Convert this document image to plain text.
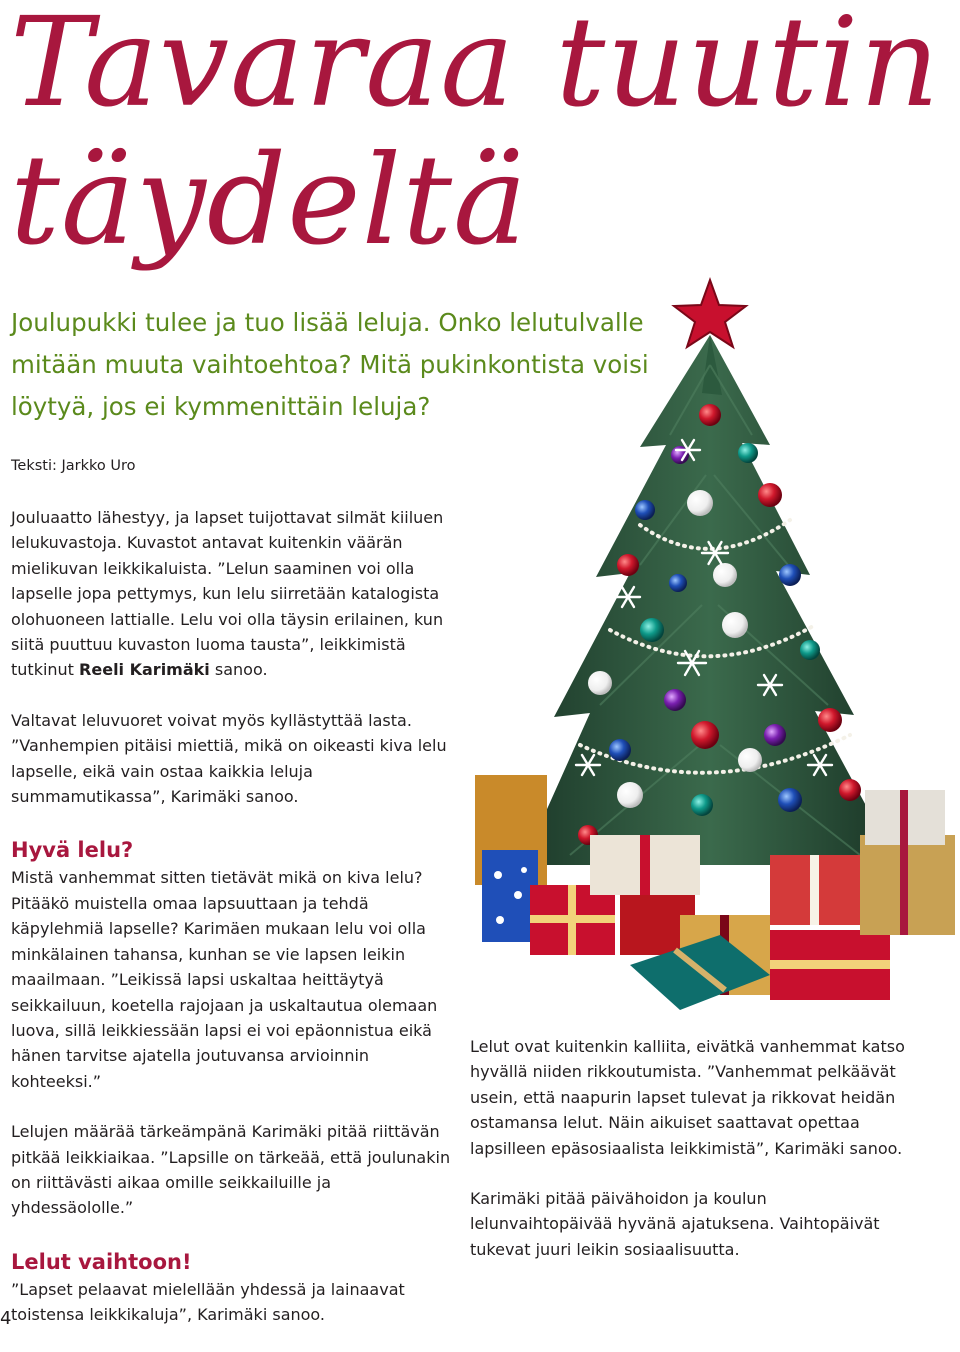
Tavaraa tuutin
täydeltä

Joulupukki tulee ja tuo lisää leluja. Onko lelutulvalle mitään muuta vaihtoehtoa? Mitä pukinkontista voisi löytyä, jos ei kymmenittäin leluja?

Teksti: Jarkko Uro

Jouluaatto lähestyy, ja lapset tuijottavat silmät kiiluen lelukuvastoja. Kuvastot antavat kuitenkin väärän mielikuvan leikkikaluista. ”Lelun saaminen voi olla lapselle jopa pettymys, kun lelu siirretään katalogista olohuoneen lattialle. Lelu voi olla täysin erilainen, kun siitä puuttuu kuvaston luoma tausta”, leikkimistä tutkinut Reeli Karimäki sanoo.

Valtavat leluvuoret voivat myös kyllästyttää lasta. ”Vanhempien pitäisi miettiä, mikä on oikeasti kiva lelu lapselle, eikä vain ostaa kaikkia leluja summamutikassa”, Karimäki sanoo.

Hyvä lelu?

Mistä vanhemmat sitten tietävät mikä on kiva lelu? Pitääkö muistella omaa lapsuuttaan ja tehdä käpylehmiä lapselle? Karimäen mukaan lelu voi olla minkälainen tahansa, kunhan se vie lapsen leikin maailmaan. ”Leikissä lapsi uskaltaa heittäytyä seikkailuun, koetella rajojaan ja uskaltautua olemaan luova, sillä leikkiessään lapsi ei voi epäonnistua eikä hänen tarvitse ajatella joutuvansa arvioinnin kohteeksi.”

Lelujen määrää tärkeämpänä Karimäki pitää riittävän pitkää leikkiaikaa. ”Lapsille on tärkeää, että joulunakin on riittävästi aikaa omille seikkailuille ja yhdessäololle.”

Lelut vaihtoon!

”Lapset pelaavat mielellään yhdessä ja lainaavat toistensa leikkikaluja”, Karimäki sanoo.

Lelut ovat kuitenkin kalliita, eivätkä vanhemmat katso hyvällä niiden rikkoutumista. ”Vanhemmat pelkäävät usein, että naapurin lapset tulevat ja rikkovat heidän ostamansa lelut. Näin aikuiset saattavat opettaa lapsilleen epäsosiaalista leikkimistä”, Karimäki sanoo.

Karimäki pitää päivähoidon ja koulun lelunvaihtopäivää hyvänä ajatuksena. Vaihtopäivät tukevat juuri leikin sosiaalisuutta.

4
